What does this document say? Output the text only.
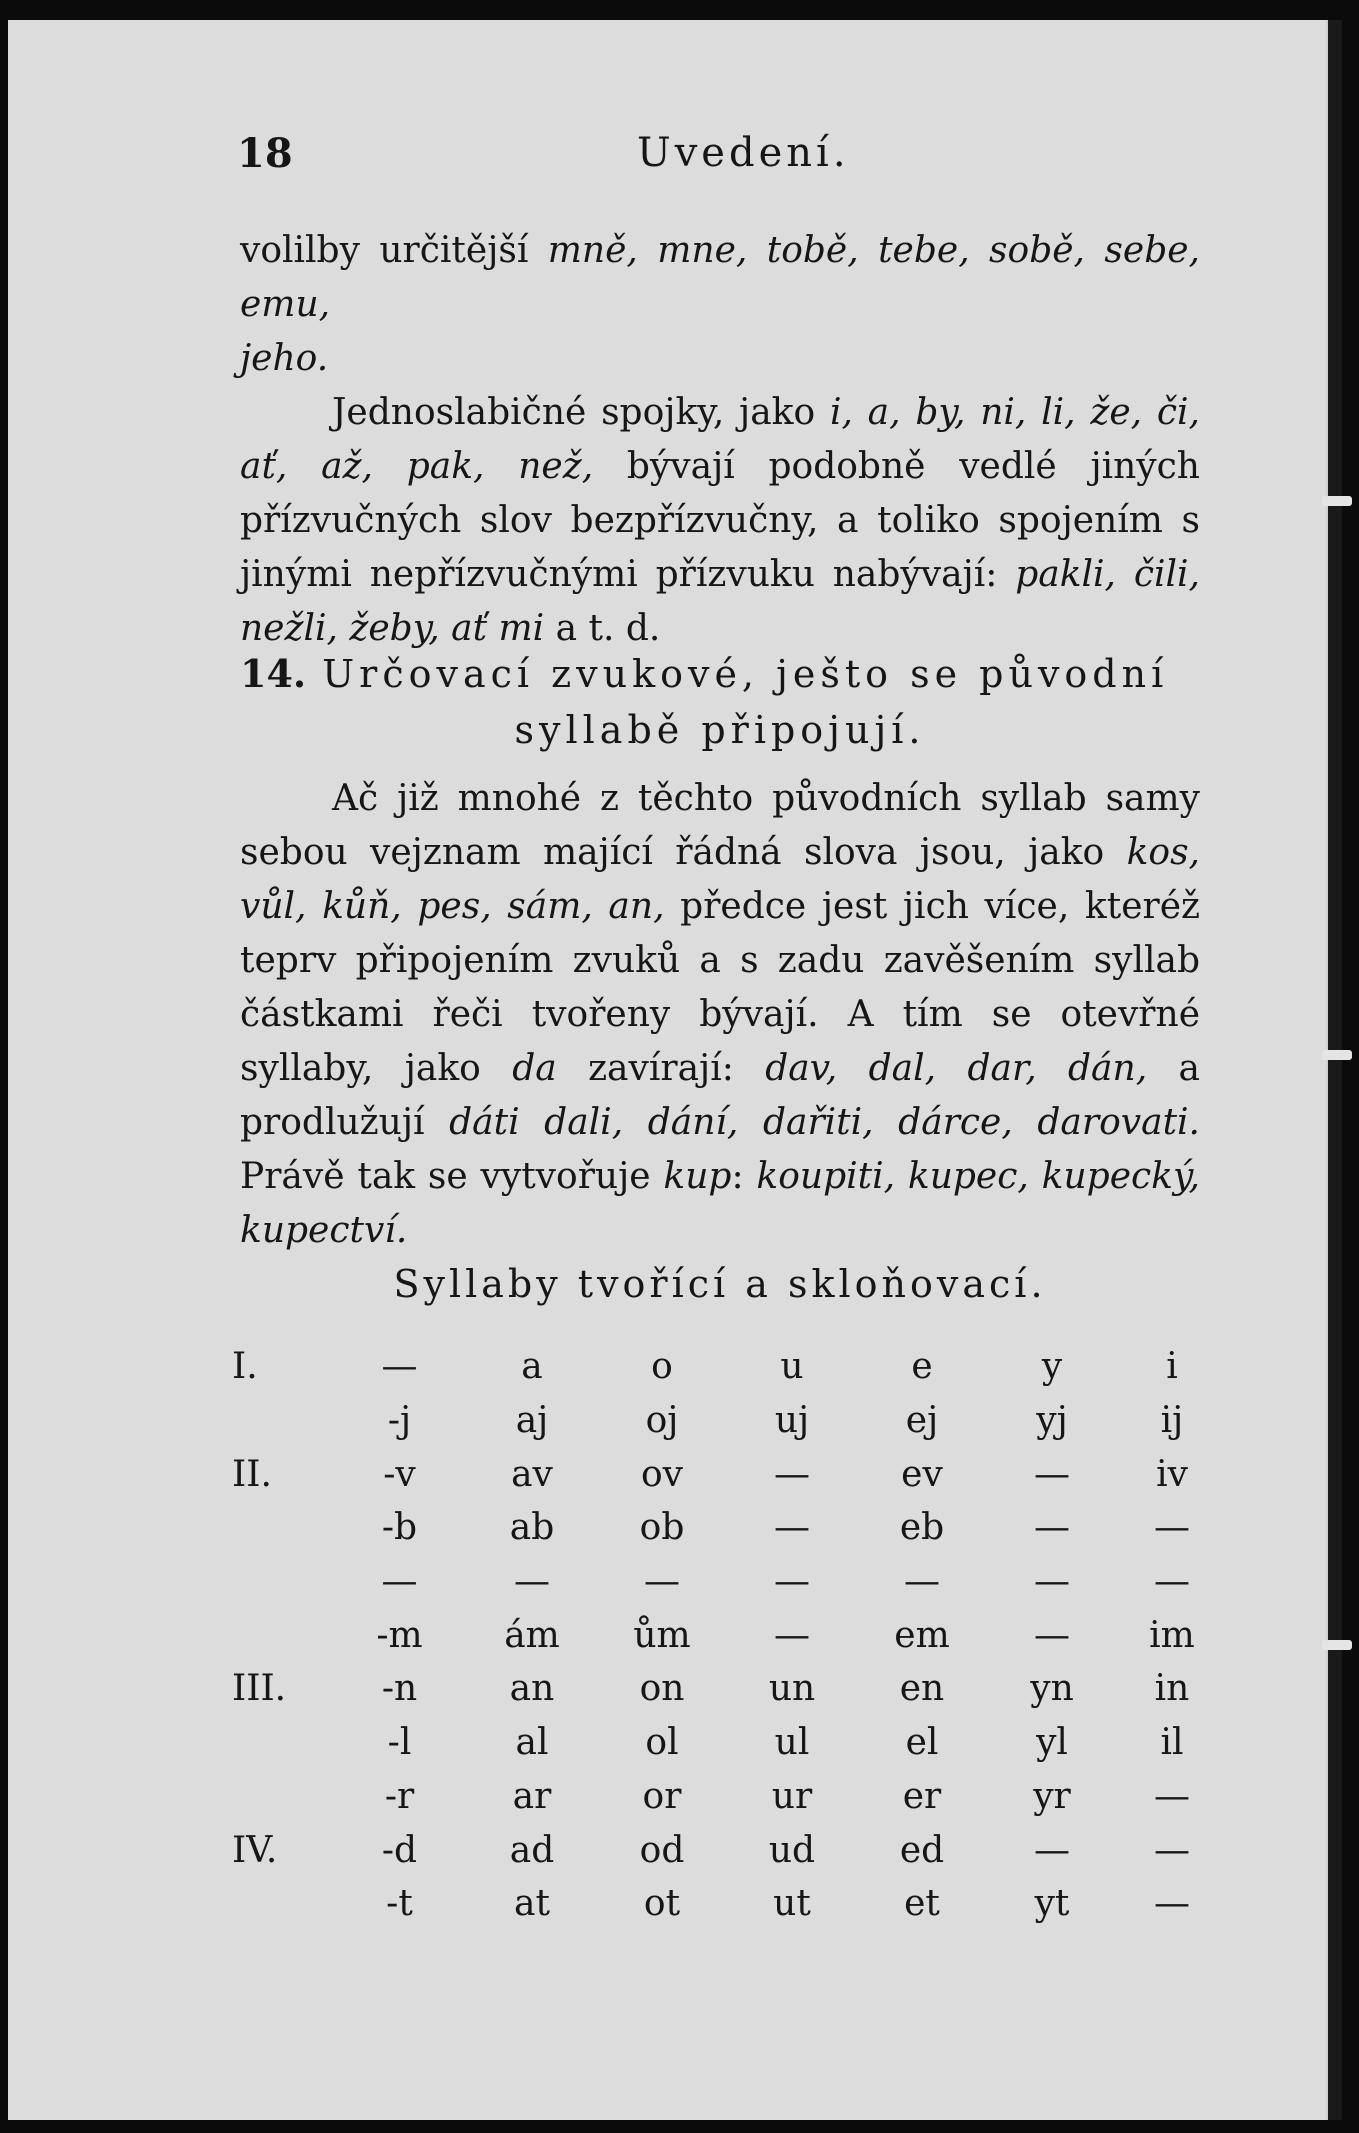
18	Uvedení.

volilby určitější mně, mne, tobě, tebe, sobě, sebe, emu,
jeho.

Jednoslabičné spojky, jako i, a, by, ni, li, že, či, ať, až, pak, než, bývají podobně vedlé jiných přízvučných slov bezpřízvučny, a toliko spojením s jinými nepřízvučnými přízvuku nabývají: pakli, čili, nežli, žeby, ať mi a t. d.

14. Určovací zvukové, ješto se původní
syllabě připojují.

Ač již mnohé z těchto původních syllab samy sebou vejznam mající řádná slova jsou, jako kos, vůl, kůň, pes, sám, an, předce jest jich více, kteréž teprv připojením zvuků a s zadu zavěšením syllab částkami řeči tvořeny bývají. A tím se otevřné syllaby, jako da zavírají: dav, dal, dar, dán, a prodlužují dáti dali, dání, dařiti, dárce, darovati. Právě tak se vytvořuje kup: koupiti, kupec, kupecký, kupectví.

Syllaby tvořící a skloňovací.
I.	—	a	o	u	e	y	i
	-j	aj	oj	uj	ej	yj	ij
II.	-v	av	ov	—	ev	—	iv
	-b	ab	ob	—	eb	—	—
	—	—	—	—	—	—	—
	-m	ám	ům	—	em	—	im
III.	-n	an	on	un	en	yn	in
	-l	al	ol	ul	el	yl	il
	-r	ar	or	ur	er	yr	—
IV.	-d	ad	od	ud	ed	—	—
	-t	at	ot	ut	et	yt	—
